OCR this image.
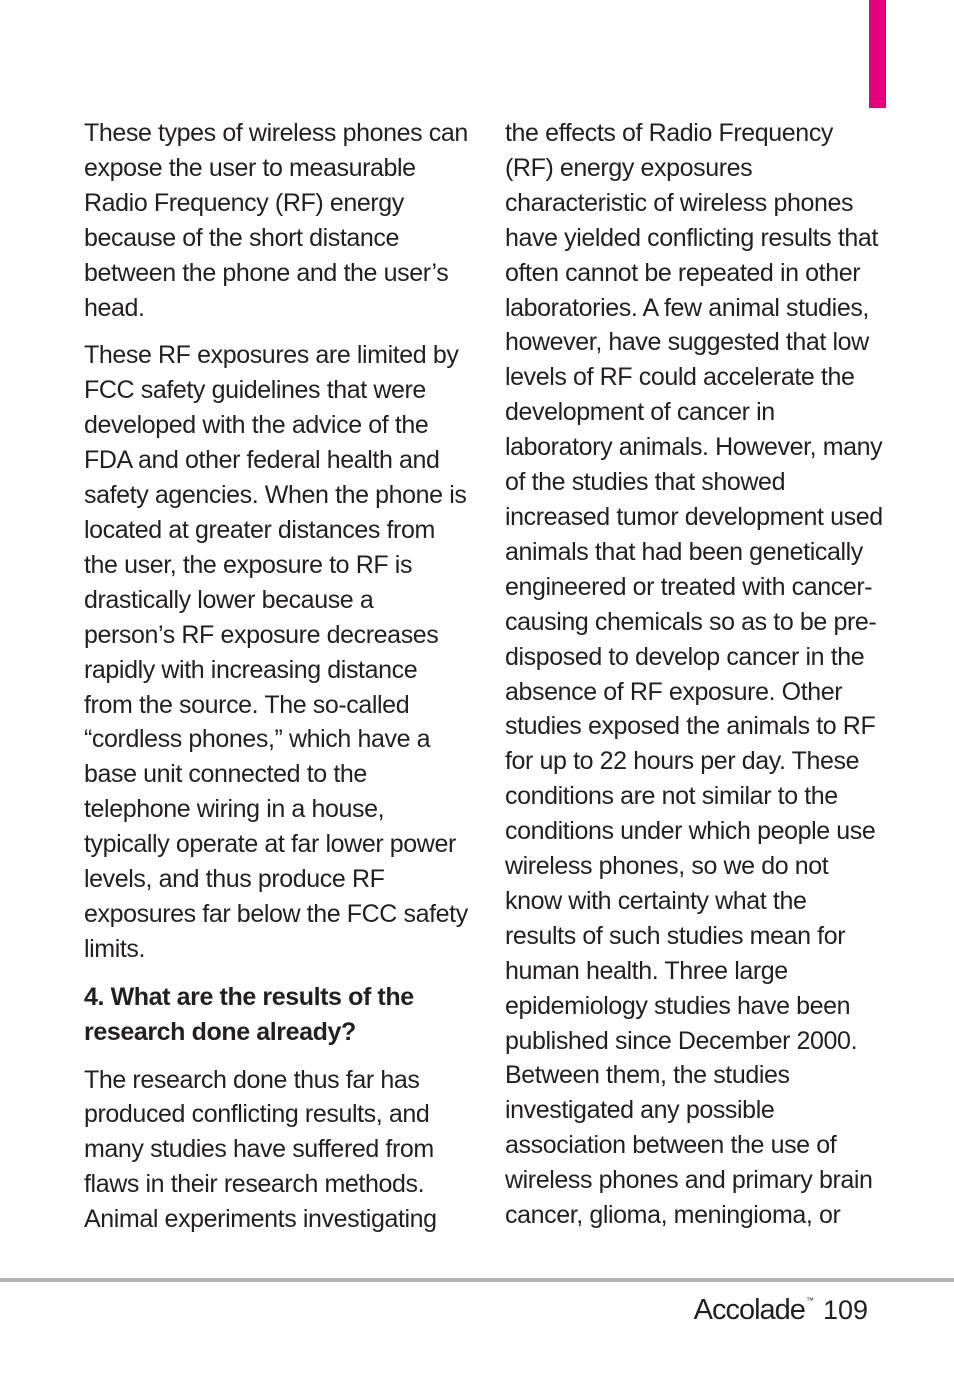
These types of wireless phones can
expose the user to measurable
Radio Frequency (RF) energy
because of the short distance
between the phone and the user’s
head.

These RF exposures are limited by
FCC safety guidelines that were
developed with the advice of the
FDA and other federal health and
safety agencies. When the phone is
located at greater distances from
the user, the exposure to RF is
drastically lower because a
person’s RF exposure decreases
rapidly with increasing distance
from the source. The so-called
“cordless phones,” which have a
base unit connected to the
telephone wiring in a house,
typically operate at far lower power
levels, and thus produce RF
exposures far below the FCC safety
limits.

4. What are the results of the
research done already?

The research done thus far has
produced conflicting results, and
many studies have suffered from
flaws in their research methods.
Animal experiments investigating

the effects of Radio Frequency
(RF) energy exposures
characteristic of wireless phones
have yielded conflicting results that
often cannot be repeated in other
laboratories. A few animal studies,
however, have suggested that low
levels of RF could accelerate the
development of cancer in
laboratory animals. However, many
of the studies that showed
increased tumor development used
animals that had been genetically
engineered or treated with cancer-
causing chemicals so as to be pre-
disposed to develop cancer in the
absence of RF exposure. Other
studies exposed the animals to RF
for up to 22 hours per day. These
conditions are not similar to the
conditions under which people use
wireless phones, so we do not
know with certainty what the
results of such studies mean for
human health. Three large
epidemiology studies have been
published since December 2000.
Between them, the studies
investigated any possible
association between the use of
wireless phones and primary brain
cancer, glioma, meningioma, or

Accolade ™ 109
